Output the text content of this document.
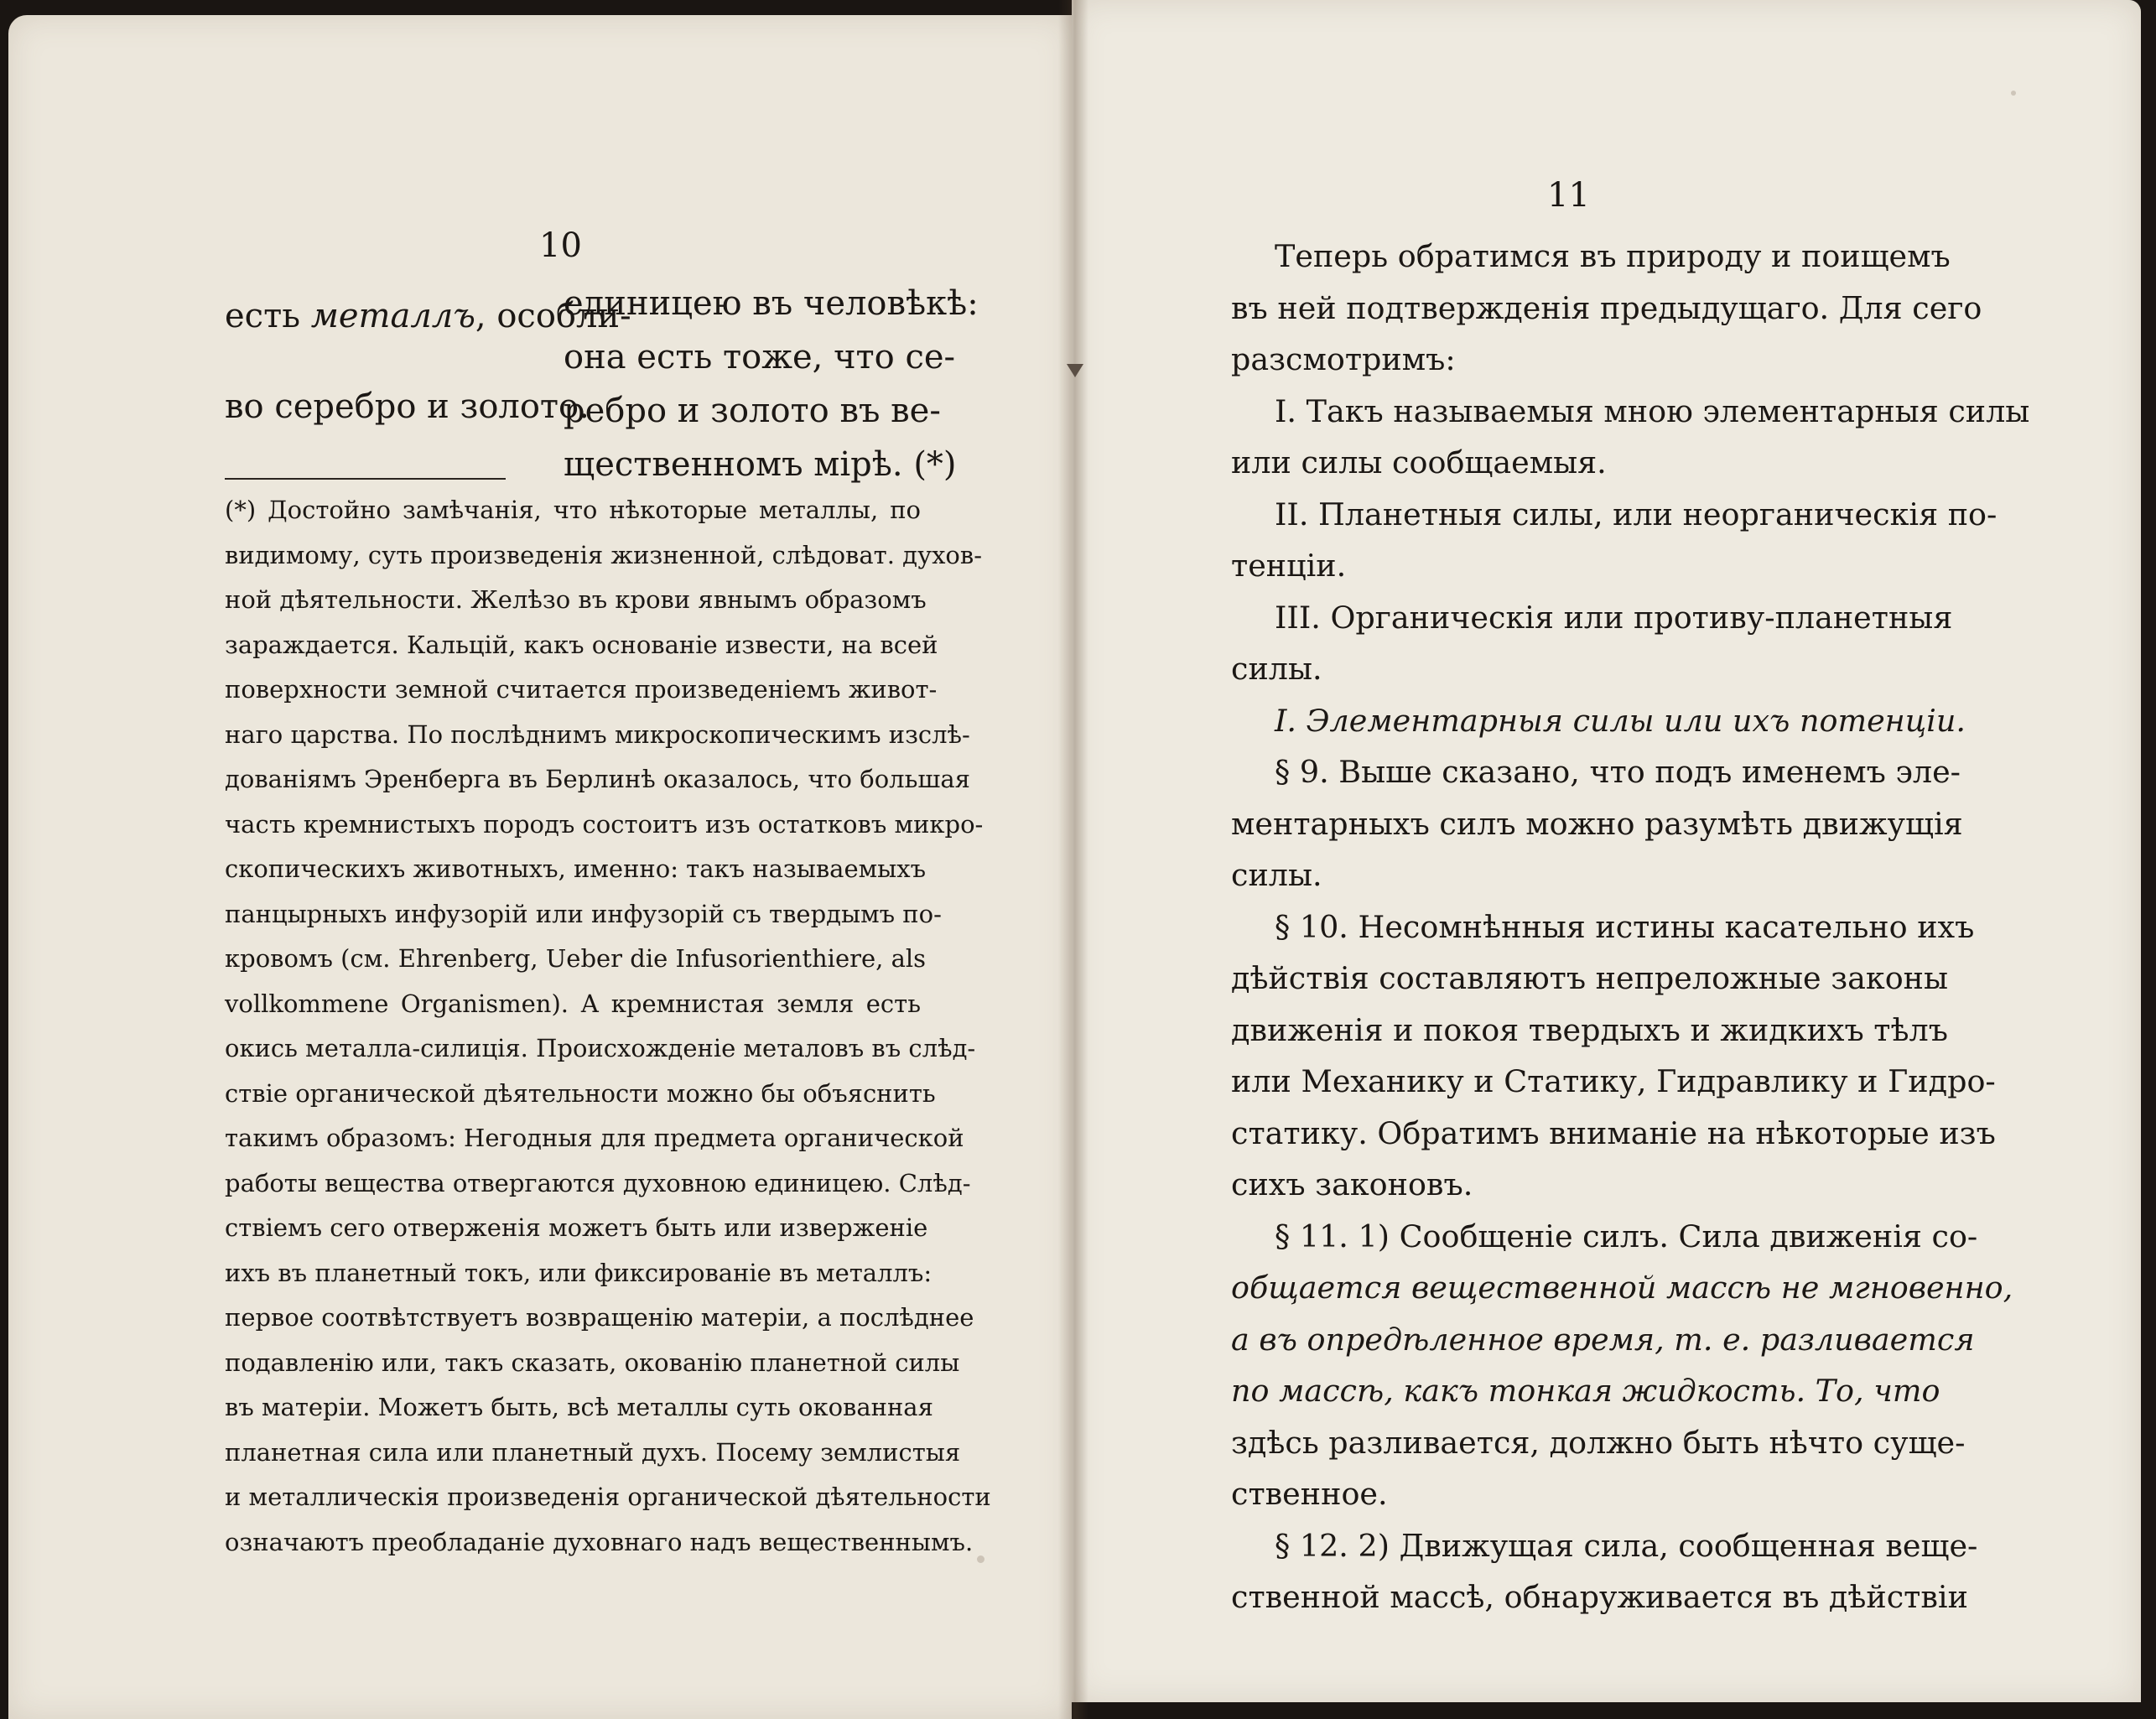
10
есть металлъ, особли-
во серебро и золото.
единицею въ человѣкѣ:
она есть тоже, что се-
ребро и золото въ ве-
щественномъ мірѣ. (*)
(*) Достойно замѣчанія, что нѣкоторые металлы, по
видимому, суть произведенія жизненной, слѣдоват. духов-
ной дѣятельности. Желѣзо въ крови явнымъ образомъ
зараждается. Кальцій, какъ основаніе извести, на всей
поверхности земной считается произведеніемъ живот-
наго царства. По послѣднимъ микроскопическимъ изслѣ-
дованіямъ Эренберга въ Берлинѣ оказалось, что большая
часть кремнистыхъ породъ состоитъ изъ остатковъ микро-
скопическихъ животныхъ, именно: такъ называемыхъ
панцырныхъ инфузорій или инфузорій съ твердымъ по-
кровомъ (см. Ehrenberg, Ueber die Infusorienthiere, als
vollkommene Organismen). А кремнистая земля есть
окись металла-силиція. Происхожденіе металовъ въ слѣд-
ствіе органической дѣятельности можно бы объяснить
такимъ образомъ: Негодныя для предмета органической
работы вещества отвергаются духовною единицею. Слѣд-
ствіемъ сего отверженія можетъ быть или изверженіе
ихъ въ планетный токъ, или фиксированіе въ металлъ:
первое соотвѣтствуетъ возвращенію матеріи, а послѣднее
подавленію или, такъ сказать, окованію планетной силы
въ матеріи. Можетъ быть, всѣ металлы суть окованная
планетная сила или планетный духъ. Посему землистыя
и металлическія произведенія органической дѣятельности
означаютъ преобладаніе духовнаго надъ вещественнымъ.
11
Теперь обратимся въ природу и поищемъ
въ ней подтвержденія предыдущаго. Для сего
разсмотримъ:
I. Такъ называемыя мною элементарныя силы
или силы сообщаемыя.
II. Планетныя силы, или неорганическія по-
тенціи.
III. Органическія или противу-планетныя
силы.
I. Элементарныя силы или ихъ потенціи.
§ 9. Выше сказано, что подъ именемъ эле-
ментарныхъ силъ можно разумѣть движущія
силы.
§ 10. Несомнѣнныя истины касательно ихъ
дѣйствія составляютъ непреложные законы
движенія и покоя твердыхъ и жидкихъ тѣлъ
или Механику и Статику, Гидравлику и Гидро-
статику. Обратимъ вниманіе на нѣкоторые изъ
сихъ законовъ.
§ 11. 1) Сообщеніе силъ. Сила движенія со-
общается вещественной массѣ не мгновенно,
а въ опредѣленное время, т. е. разливается
по массѣ, какъ тонкая жидкость. То, что
здѣсь разливается, должно быть нѣчто суще-
ственное.
§ 12. 2) Движущая сила, сообщенная веще-
ственной массѣ, обнаруживается въ дѣйствіи
